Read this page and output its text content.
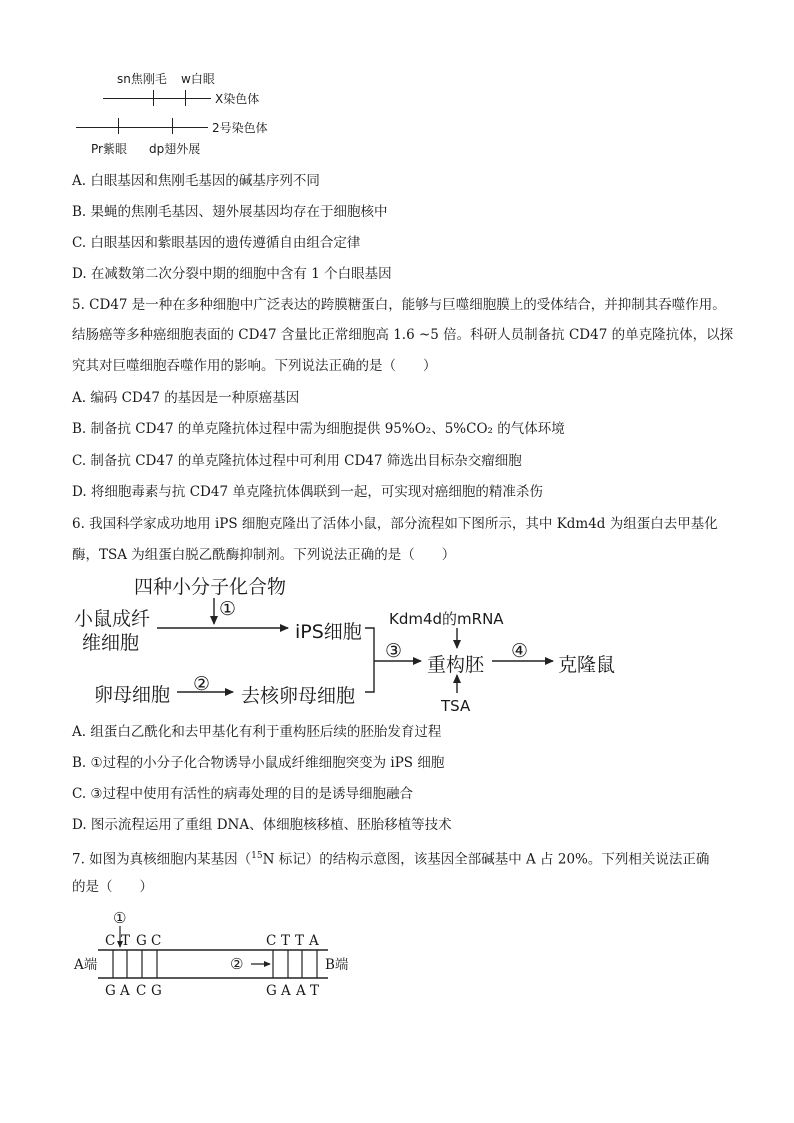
sn焦刚毛 w白眼
X染色体
2号染色体
Pr紫眼 dp翅外展
A. 白眼基因和焦刚毛基因的碱基序列不同
B. 果蝇的焦刚毛基因、翅外展基因均存在于细胞核中
C. 白眼基因和紫眼基因的遗传遵循自由组合定律
D. 在减数第二次分裂中期的细胞中含有 1 个白眼基因
5. CD47 是一种在多种细胞中广泛表达的跨膜糖蛋白，能够与巨噬细胞膜上的受体结合，并抑制其吞噬作用。
结肠癌等多种癌细胞表面的 CD47 含量比正常细胞高 1.6 ~5 倍。科研人员制备抗 CD47 的单克隆抗体，以探
究其对巨噬细胞吞噬作用的影响。下列说法正确的是（　　）
A. 编码 CD47 的基因是一种原癌基因
B. 制备抗 CD47 的单克隆抗体过程中需为细胞提供 95%O₂、5%CO₂ 的气体环境
C. 制备抗 CD47 的单克隆抗体过程中可利用 CD47 筛选出目标杂交瘤细胞
D. 将细胞毒素与抗 CD47 单克隆抗体偶联到一起，可实现对癌细胞的精准杀伤
6. 我国科学家成功地用 iPS 细胞克隆出了活体小鼠，部分流程如下图所示，其中 Kdm4d 为组蛋白去甲基化
酶，TSA 为组蛋白脱乙酰酶抑制剂。下列说法正确的是（　　）
四种小分子化合物
小鼠成纤
维细胞
①
iPS细胞
卵母细胞 ②
去核卵母细胞
Kdm4d的mRNA
③
重构胚
④
克隆鼠
TSA
A. 组蛋白乙酰化和去甲基化有利于重构胚后续的胚胎发育过程
B. ①过程的小分子化合物诱导小鼠成纤维细胞突变为 iPS 细胞
C. ③过程中使用有活性的病毒处理的目的是诱导细胞融合
D. 图示流程运用了重组 DNA、体细胞核移植、胚胎移植等技术
7. 如图为真核细胞内某基因（$^{15}$N 标记）的结构示意图，该基因全部碱基中 A 占 20%。下列相关说法正确
的是（　　）
①
②
A端	B端
C T G C	C T T A
G A C G	G A A T
